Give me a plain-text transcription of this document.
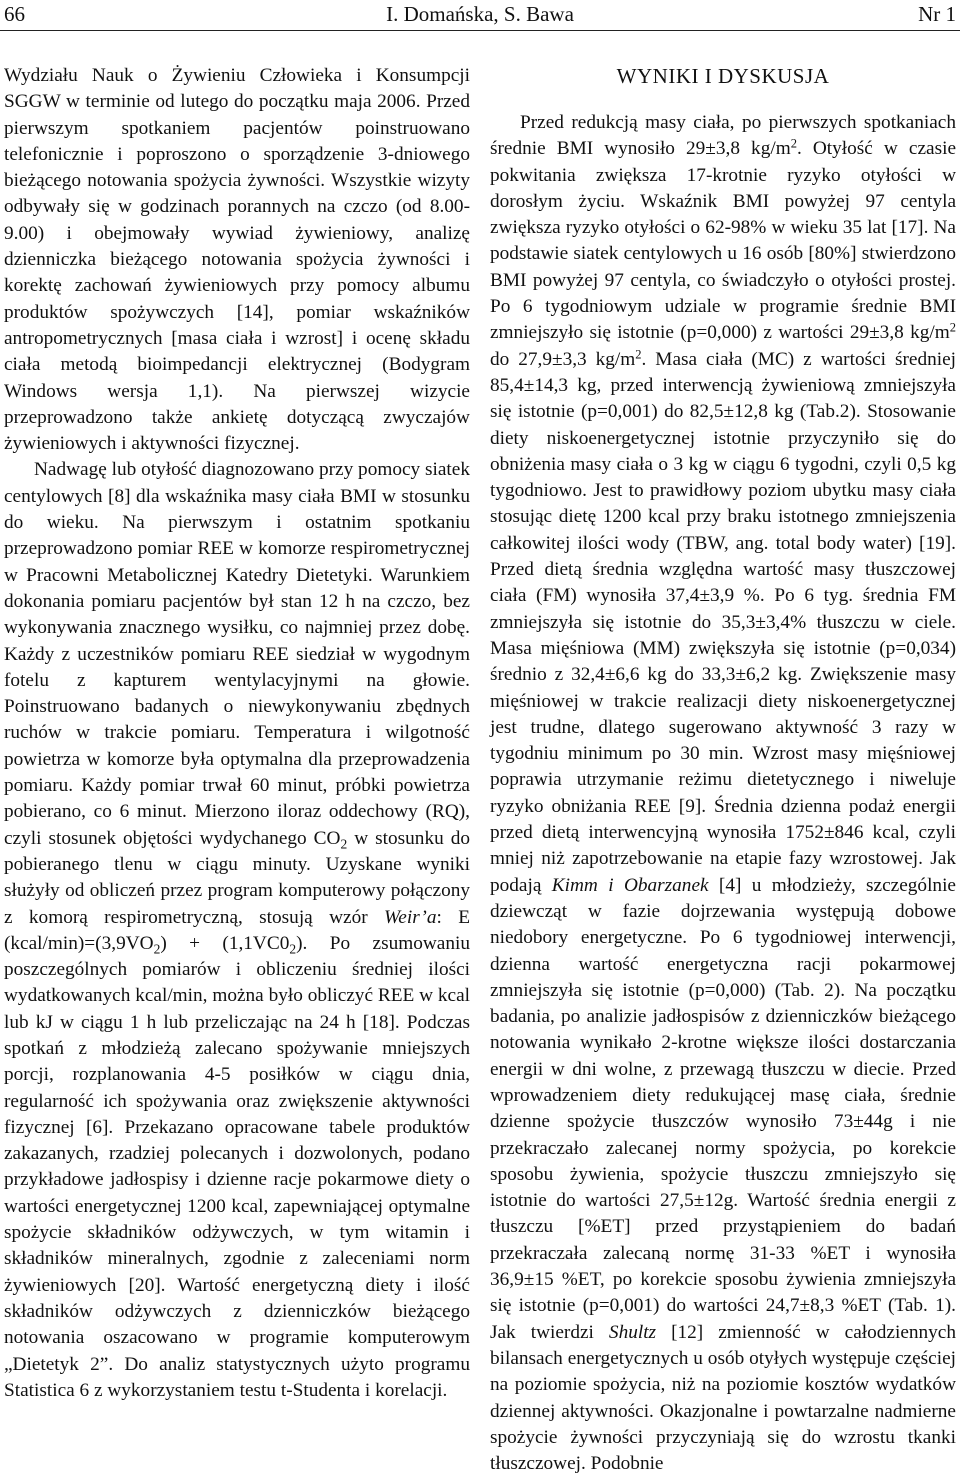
66	I. Domańska, S. Bawa	Nr 1

Wydziału Nauk o Żywieniu Człowieka i Konsumpcji SGGW w terminie od lutego do początku maja 2006. Przed pierwszym spotkaniem pacjentów poinstruowano telefonicznie i poproszono o sporządzenie 3-dniowego bieżącego notowania spożycia żywności. Wszystkie wizyty odbywały się w godzinach porannych na czczo (od 8.00-9.00) i obejmowały wywiad żywieniowy, analizę dzienniczka bieżącego notowania spożycia żywności i korektę zachowań żywieniowych przy pomocy albumu produktów spożywczych [14], pomiar wskaźników antropometrycznych [masa ciała i wzrost] i ocenę składu ciała metodą bioimpedancji elektrycznej (Bodygram Windows wersja 1,1). Na pierwszej wizycie przeprowadzono także ankietę dotyczącą zwyczajów żywieniowych i aktywności fizycznej.

Nadwagę lub otyłość diagnozowano przy pomocy siatek centylowych [8] dla wskaźnika masy ciała BMI w stosunku do wieku. Na pierwszym i ostatnim spotkaniu przeprowadzono pomiar REE w komorze respirometrycznej w Pracowni Metabolicznej Katedry Dietetyki. Warunkiem dokonania pomiaru pacjentów był stan 12 h na czczo, bez wykonywania znacznego wysiłku, co najmniej przez dobę. Każdy z uczestników pomiaru REE siedział w wygodnym fotelu z kapturem wentylacyjnymi na głowie. Poinstruowano badanych o niewykonywaniu zbędnych ruchów w trakcie pomiaru. Temperatura i wilgotność powietrza w komorze była optymalna dla przeprowadzenia pomiaru. Każdy pomiar trwał 60 minut, próbki powietrza pobierano, co 6 minut. Mierzono iloraz oddechowy (RQ), czyli stosunek objętości wydychanego $CO_2$ w stosunku do pobieranego tlenu w ciągu minuty. Uzyskane wyniki służyły od obliczeń przez program komputerowy połączony z komorą respirometryczną, stosują wzór Weir’a: E $(kcal/\min)=(3,9VO_2) + (1,1VC0_2)$. Po zsumowaniu poszczególnych pomiarów i obliczeniu średniej ilości wydatkowanych kcal/min, można było obliczyć REE w kcal lub kJ w ciągu 1 h lub przeliczając na 24 h [18]. Podczas spotkań z młodzieżą zalecano spożywanie mniejszych porcji, rozplanowania 4-5 posiłków w ciągu dnia, regularność ich spożywania oraz zwiększenie aktywności fizycznej [6]. Przekazano opracowane tabele produktów zakazanych, rzadziej polecanych i dozwolonych, podano przykładowe jadłospisy i dzienne racje pokarmowe diety o wartości energetycznej 1200 kcal, zapewniającej optymalne spożycie składników odżywczych, w tym witamin i składników mineralnych, zgodnie z zaleceniami norm żywieniowych [20]. Wartość energetyczną diety i ilość składników odżywczych z dzienniczków bieżącego notowania oszacowano w programie komputerowym „Dietetyk 2”. Do analiz statystycznych użyto programu Statistica 6 z wykorzystaniem testu t-Studenta i korelacji.

WYNIKI I DYSKUSJA

Przed redukcją masy ciała, po pierwszych spotkaniach średnie BMI wynosiło 29±3,8 $kg/m^2$. Otyłość w czasie pokwitania zwiększa 17-krotnie ryzyko otyłości w dorosłym życiu. Wskaźnik BMI powyżej 97 centyla zwiększa ryzyko otyłości o 62-98% w wieku 35 lat [17]. Na podstawie siatek centylowych u 16 osób [80%] stwierdzono BMI powyżej 97 centyla, co świadczyło o otyłości prostej. Po 6 tygodniowym udziale w programie średnie BMI zmniejszyło się istotnie (p=0,000) z wartości 29±3,8 $kg/m^2$ do 27,9±3,3 $kg/m^2$. Masa ciała (MC) z wartości średniej 85,4±14,3 kg, przed interwencją żywieniową zmniejszyła się istotnie (p=0,001) do 82,5±12,8 kg (Tab.2). Stosowanie diety niskoenergetycznej istotnie przyczyniło się do obniżenia masy ciała o 3 kg w ciągu 6 tygodni, czyli 0,5 kg tygodniowo. Jest to prawidłowy poziom ubytku masy ciała stosując dietę 1200 kcal przy braku istotnego zmniejszenia całkowitej ilości wody (TBW, ang. total body water) [19]. Przed dietą średnia względna wartość masy tłuszczowej ciała (FM) wynosiła 37,4±3,9 %. Po 6 tyg. średnia FM zmniejszyła się istotnie do 35,3±3,4% tłuszczu w ciele. Masa mięśniowa (MM) zwiększyła się istotnie (p=0,034) średnio z 32,4±6,6 kg do 33,3±6,2 kg. Zwiększenie masy mięśniowej w trakcie realizacji diety niskoenergetycznej jest trudne, dlatego sugerowano aktywność 3 razy w tygodniu minimum po 30 min. Wzrost masy mięśniowej poprawia utrzymanie reżimu dietetycznego i niweluje ryzyko obniżania REE [9]. Średnia dzienna podaż energii przed dietą interwencyjną wynosiła 1752±846 kcal, czyli mniej niż zapotrzebowanie na etapie fazy wzrostowej. Jak podają Kimm i Obarzanek [4] u młodzieży, szczególnie dziewcząt w fazie dojrzewania występują dobowe niedobory energetyczne. Po 6 tygodniowej interwencji, dzienna wartość energetyczna racji pokarmowej zmniejszyła się istotnie (p=0,000) (Tab. 2). Na początku badania, po analizie jadłospisów z dzienniczków bieżącego notowania wynikało 2-krotne większe ilości dostarczania energii w dni wolne, z przewagą tłuszczu w diecie. Przed wprowadzeniem diety redukującej masę ciała, średnie dzienne spożycie tłuszczów wynosiło 73±44g i nie przekraczało zalecanej normy spożycia, po korekcie sposobu żywienia, spożycie tłuszczu zmniejszyło się istotnie do wartości 27,5±12g. Wartość średnia energii z tłuszczu [%ET] przed przystąpieniem do badań przekraczała zalecaną normę 31-33 %ET i wynosiła 36,9±15 %ET, po korekcie sposobu żywienia zmniejszyła się istotnie (p=0,001) do wartości 24,7±8,3 %ET (Tab. 1). Jak twierdzi Shultz [12] zmienność w całodziennych bilansach energetycznych u osób otyłych występuje częściej na poziomie spożycia, niż na poziomie kosztów wydatków dziennej aktywności. Okazjonalne i powtarzalne nadmierne spożycie żywności przyczyniają się do wzrostu tkanki tłuszczowej. Podobnie
